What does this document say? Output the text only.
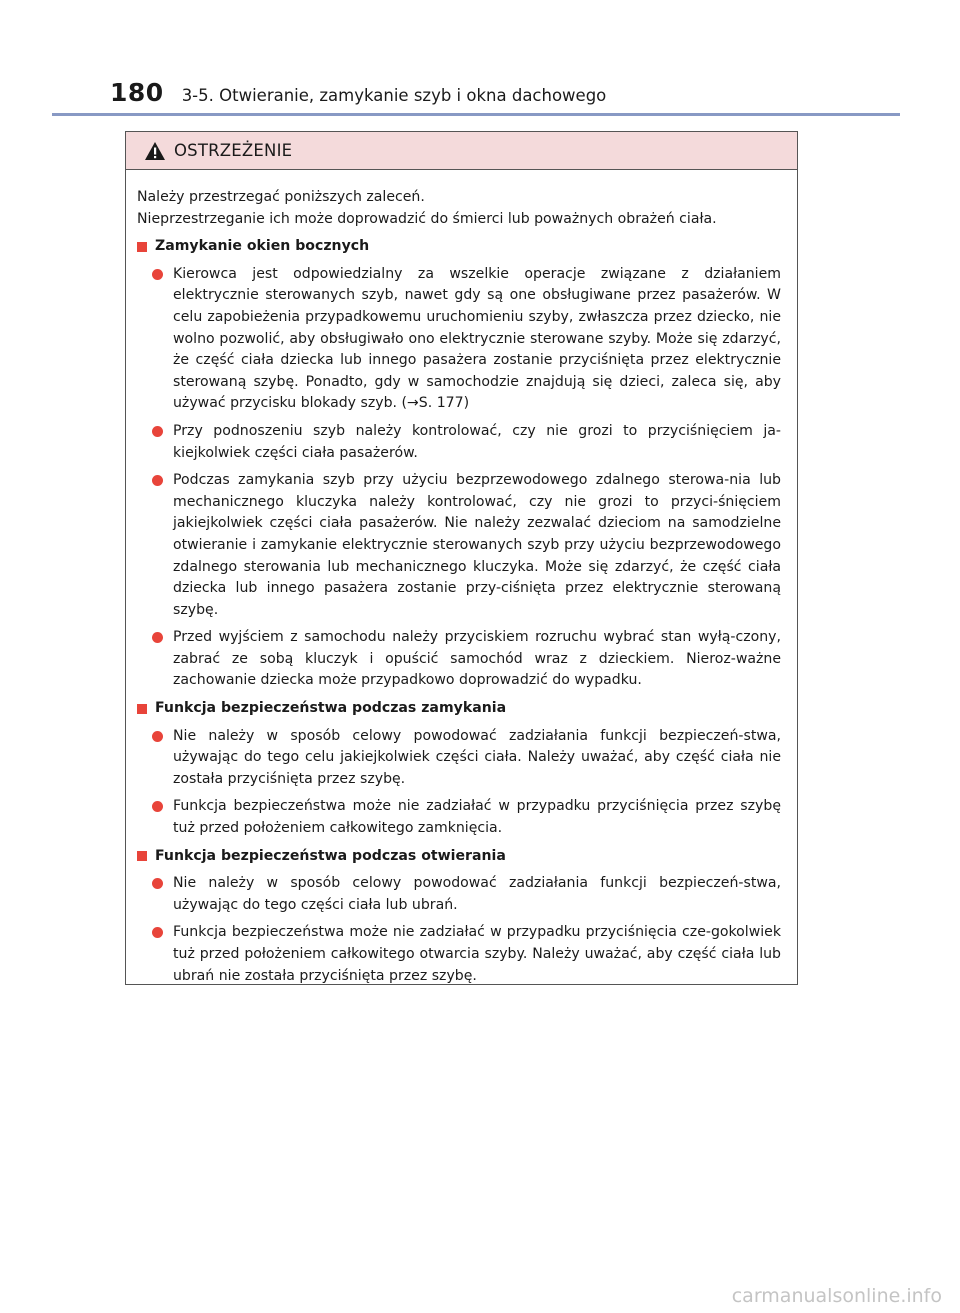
180 3-5. Otwieranie, zamykanie szyb i okna dachowego
OSTRZEŻENIE

Należy przestrzegać poniższych zaleceń.

Nieprzestrzeganie ich może doprowadzić do śmierci lub poważnych obrażeń ciała.

Zamykanie okien bocznych
Kierowca jest odpowiedzialny za wszelkie operacje związane z działaniem elektrycznie sterowanych szyb, nawet gdy są one obsługiwane przez pasażerów. W celu zapobieżenia przypadkowemu uruchomieniu szyby, zwłaszcza przez dziecko, nie wolno pozwolić, aby obsługiwało ono elektrycznie sterowane szyby. Może się zdarzyć, że część ciała dziecka lub innego pasażera zostanie przyciśnięta przez elektrycznie sterowaną szybę. Ponadto, gdy w samochodzie znajdują się dzieci, zaleca się, aby używać przycisku blokady szyb. (→S. 177)
Przy podnoszeniu szyb należy kontrolować, czy nie grozi to przyciśnięciem ja-kiejkolwiek części ciała pasażerów.
Podczas zamykania szyb przy użyciu bezprzewodowego zdalnego sterowa-nia lub mechanicznego kluczyka należy kontrolować, czy nie grozi to przyci-śnięciem jakiejkolwiek części ciała pasażerów. Nie należy zezwalać dzieciom na samodzielne otwieranie i zamykanie elektrycznie sterowanych szyb przy użyciu bezprzewodowego zdalnego sterowania lub mechanicznego kluczyka. Może się zdarzyć, że część ciała dziecka lub innego pasażera zostanie przy-ciśnięta przez elektrycznie sterowaną szybę.
Przed wyjściem z samochodu należy przyciskiem rozruchu wybrać stan wyłą-czony, zabrać ze sobą kluczyk i opuścić samochód wraz z dzieckiem. Nieroz-ważne zachowanie dziecka może przypadkowo doprowadzić do wypadku.
Funkcja bezpieczeństwa podczas zamykania
Nie należy w sposób celowy powodować zadziałania funkcji bezpieczeń-stwa, używając do tego celu jakiejkolwiek części ciała. Należy uważać, aby część ciała nie została przyciśnięta przez szybę.
Funkcja bezpieczeństwa może nie zadziałać w przypadku przyciśnięcia przez szybę tuż przed położeniem całkowitego zamknięcia.
Funkcja bezpieczeństwa podczas otwierania
Nie należy w sposób celowy powodować zadziałania funkcji bezpieczeń-stwa, używając do tego części ciała lub ubrań.
Funkcja bezpieczeństwa może nie zadziałać w przypadku przyciśnięcia cze-gokolwiek tuż przed położeniem całkowitego otwarcia szyby. Należy uważać, aby część ciała lub ubrań nie została przyciśnięta przez szybę.
carmanualsonline.info
